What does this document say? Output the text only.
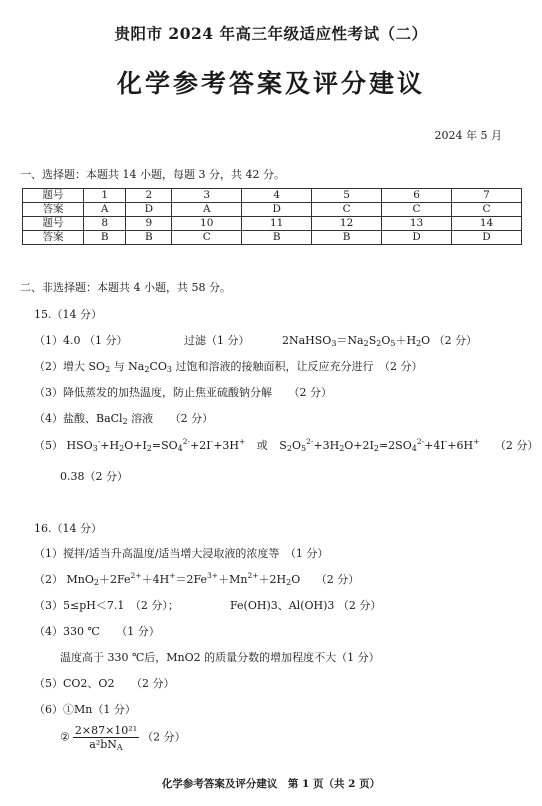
贵阳市 2024 年高三年级适应性考试（二）
化学参考答案及评分建议
2024 年 5 月
一、选择题：本题共 14 小题，每题 3 分，共 42 分。
题号	1	2	3	4	5	6	7
答案	A	D	A	D	C	C	C
题号	8	9	10	11	12	13	14
答案	B	B	C	B	B	D	D
二、非选择题：本题共 4 小题，共 58 分。
15.（14 分）
（1）4.0 （1 分）	过滤（1 分）	$2NaHSO_3=Na_2S_2O_5+H_2O$ （2 分）
（2）增大 $SO_2$ 与 $Na_2CO_3$ 过饱和溶液的接触面积，让反应充分进行　（2 分）
（3）降低蒸发的加热温度，防止焦亚硫酸钠分解　　（2 分）
（4）盐酸、BaCl$_2$ 溶液　　（2 分）
（5） $HSO_3^-+H_2O+I_2=SO_4^{2-}+2I^-+3H^+$ 或 $S_2O_5^{2-}+3H_2O+2I_2=2SO_4^{2-}+4I^-+6H^+$ （2 分）
0.38（2 分）
16.（14 分）
（1）搅拌/适当升高温度/适当增大浸取液的浓度等　（1 分）
（2） $MnO_2+2Fe^{2+}+4H^+=2Fe^{3+}+Mn^{2+}+2H_2O$ （2 分）
（3）5≤pH＜7.1　（2 分）；	Fe(OH)3、Al(OH)3 （2 分）
（4）330 ℃　　（1 分）
温度高于 330 ℃后，MnO2 的质量分数的增加程度不大（1 分）
（5）CO2、O2　　（2 分）
（6）①Mn（1 分）
② $\frac{\text{2×87×10²¹}}{a^2bN_A} (2$ 分）
化学参考答案及评分建议　第 1 页（共 2 页）
